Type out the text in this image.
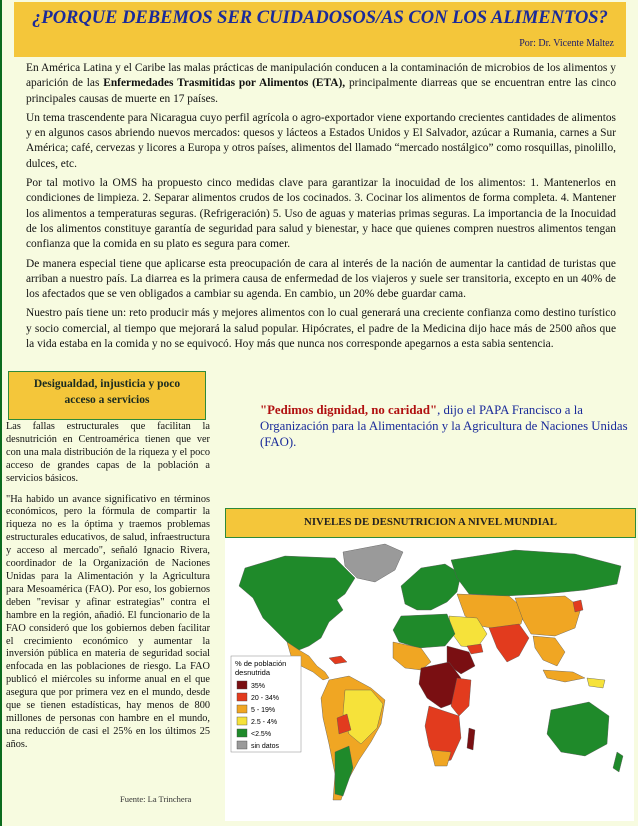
¿PORQUE DEBEMOS SER CUIDADOSOS/AS CON LOS ALIMENTOS?
Por: Dr. Vicente Maltez

En América Latina y el Caribe las malas prácticas de manipulación conducen a la contaminación de microbios de los alimentos y aparición de las Enfermedades Trasmitidas por Alimentos (ETA), principalmente diarreas que se encuentran entre las cinco principales causas de muerte en 17 países.

Un tema trascendente para Nicaragua cuyo perfil agrícola o agro-exportador viene exportando crecientes cantidades de alimentos y en algunos casos abriendo nuevos mercados: quesos y lácteos a Estados Unidos y El Salvador, azúcar a Rumania, carnes a Sur América; café, cervezas y licores a Europa y otros países, alimentos del llamado “mercado nostálgico” como rosquillas, pinolillo, dulces, etc.

Por tal motivo la OMS ha propuesto cinco medidas clave para garantizar la inocuidad de los alimentos: 1. Mantenerlos en condiciones de limpieza. 2. Separar alimentos crudos de los cocinados. 3. Cocinar los alimentos de forma completa. 4. Mantener los alimentos a temperaturas seguras. (Refrigeración) 5. Uso de aguas y materias primas seguras. La importancia de la Inocuidad de los alimentos constituye garantía de seguridad para salud y bienestar, y hace que quienes compren nuestros alimentos tengan confianza que la comida en su plato es segura para comer.

De manera especial tiene que aplicarse esta preocupación de cara al interés de la nación de aumentar la cantidad de turistas que arriban a nuestro país. La diarrea es la primera causa de enfermedad de los viajeros y suele ser transitoria, excepto en un 40% de los afectados que se ven obligados a cambiar su agenda. En cambio, un 20% debe guardar cama.

Nuestro país tiene un: reto producir más y mejores alimentos con lo cual generará una creciente confianza como destino turístico y socio comercial, al tiempo que mejorará la salud popular. Hipócrates, el padre de la Medicina dijo hace más de 2500 años que la vida estaba en la comida y no se equivocó. Hoy más que nunca nos corresponde apegarnos a esta sabia sentencia.

Desigualdad, injusticia y poco acceso a servicios

Las fallas estructurales que facilitan la desnutrición en Centroamérica tienen que ver con una mala distribución de la riqueza y el poco acceso de grandes capas de la población a servicios básicos.

"Ha habido un avance significativo en términos económicos, pero la fórmula de compartir la riqueza no es la óptima y traemos problemas estructurales educativos, de salud, infraestructura y acceso al mercado", señaló Ignacio Rivera, coordinador de la Organización de Naciones Unidas para la Alimentación y la Agricultura para Mesoamérica (FAO). Por eso, los gobiernos deben "revisar y afinar estrategias" contra el hambre en la región, añadió. El funcionario de la FAO consideró que los gobiernos deben facilitar el crecimiento económico y aumentar la inversión pública en materia de seguridad social enfocada en las poblaciones de riesgo. La FAO publicó el miércoles su informe anual en el que asegura que por primera vez en el mundo, desde que se tienen estadísticas, hay menos de 800 millones de personas con hambre en el mundo, una reducción de casi el 25% en los últimos 25 años.

Fuente: La Trinchera
"Pedimos dignidad, no caridad", dijo el PAPA Francisco a la Organización para la Alimentación y la Agricultura de Naciones Unidas (FAO).
NIVELES DE DESNUTRICION A NIVEL MUNDIAL
% de población
desnutrida
35%
20 - 34%
5 - 19%
2.5 - 4%
<2.5%
sin datos
